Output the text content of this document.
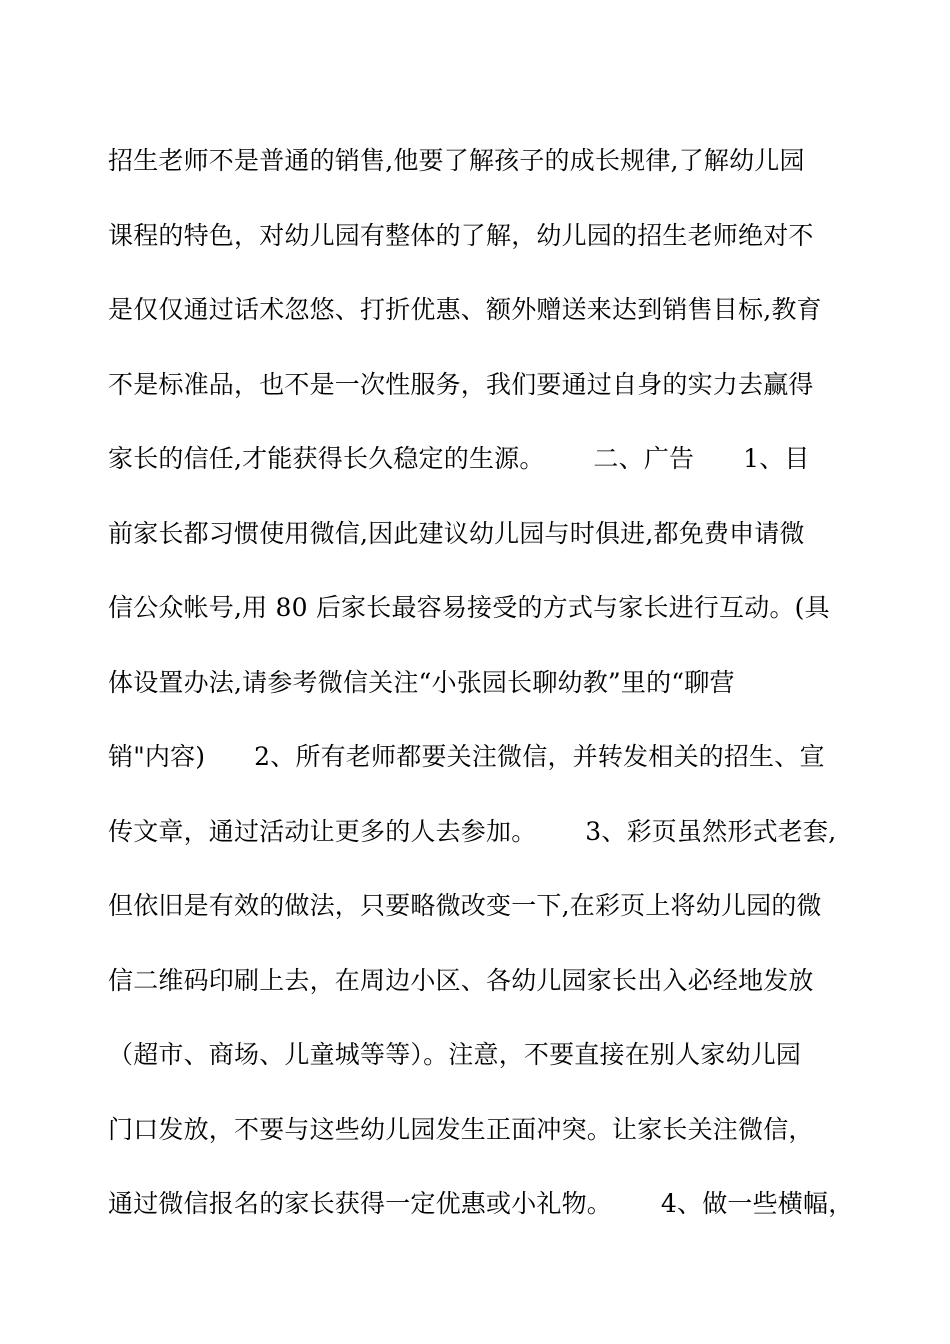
招生老师不是普通的销售,他要了解孩子的成长规律,了解幼儿园
课程的特色，对幼儿园有整体的了解，幼儿园的招生老师绝对不
是仅仅通过话术忽悠、打折优惠、额外赠送来达到销售目标,教育
不是标准品，也不是一次性服务，我们要通过自身的实力去赢得
家长的信任,才能获得长久稳定的生源。      二、广告      1、目
前家长都习惯使用微信,因此建议幼儿园与时俱进,都免费申请微
信公众帐号,用 80 后家长最容易接受的方式与家长进行互动。(具
体设置办法,请参考微信关注“小张园长聊幼教”里的“聊营
销"内容)      2、所有老师都要关注微信，并转发相关的招生、宣
传文章，通过活动让更多的人去参加。      3、彩页虽然形式老套,
但依旧是有效的做法，只要略微改变一下,在彩页上将幼儿园的微
信二维码印刷上去，在周边小区、各幼儿园家长出入必经地发放
（超市、商场、儿童城等等）。注意，不要直接在别人家幼儿园
门口发放，不要与这些幼儿园发生正面冲突。让家长关注微信，
通过微信报名的家长获得一定优惠或小礼物。      4、做一些横幅，
